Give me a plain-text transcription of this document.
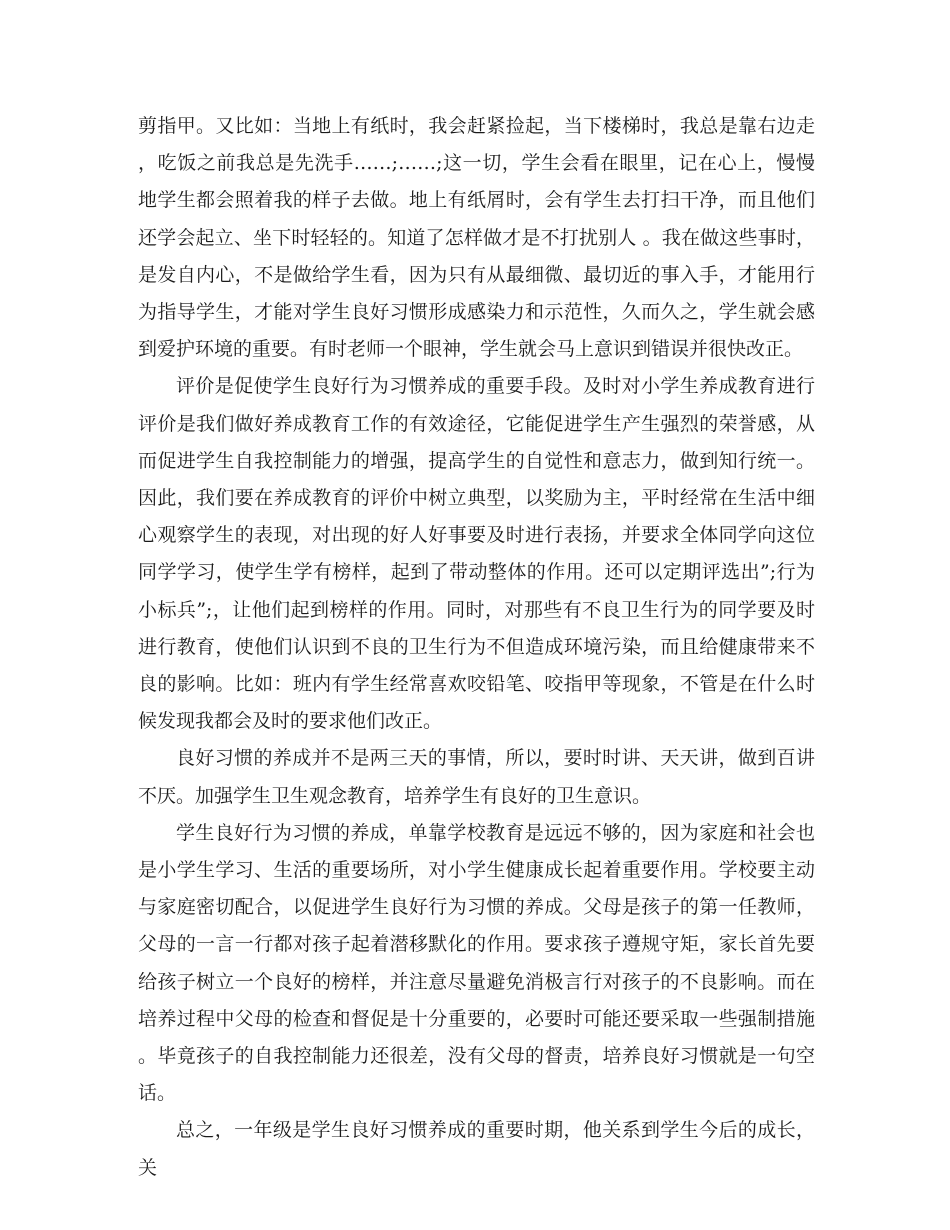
剪指甲。又比如：当地上有纸时，我会赶紧捡起，当下楼梯时，我总是靠右边走，吃饭之前我总是先洗手……;……;这一切，学生会看在眼里，记在心上，慢慢地学生都会照着我的样子去做。地上有纸屑时，会有学生去打扫干净，而且他们还学会起立、坐下时轻轻的。知道了怎样做才是不打扰别人 。我在做这些事时，是发自内心，不是做给学生看，因为只有从最细微、最切近的事入手，才能用行为指导学生，才能对学生良好习惯形成感染力和示范性，久而久之，学生就会感到爱护环境的重要。有时老师一个眼神，学生就会马上意识到错误并很快改正。

评价是促使学生良好行为习惯养成的重要手段。及时对小学生养成教育进行评价是我们做好养成教育工作的有效途径，它能促进学生产生强烈的荣誉感，从而促进学生自我控制能力的增强，提高学生的自觉性和意志力，做到知行统一。因此，我们要在养成教育的评价中树立典型，以奖励为主，平时经常在生活中细心观察学生的表现，对出现的好人好事要及时进行表扬，并要求全体同学向这位同学学习，使学生学有榜样，起到了带动整体的作用。还可以定期评选出”;行为小标兵”;，让他们起到榜样的作用。同时，对那些有不良卫生行为的同学要及时进行教育，使他们认识到不良的卫生行为不但造成环境污染，而且给健康带来不良的影响。比如：班内有学生经常喜欢咬铅笔、咬指甲等现象，不管是在什么时候发现我都会及时的要求他们改正。

良好习惯的养成并不是两三天的事情，所以，要时时讲、天天讲，做到百讲不厌。加强学生卫生观念教育，培养学生有良好的卫生意识。

学生良好行为习惯的养成，单靠学校教育是远远不够的，因为家庭和社会也是小学生学习、生活的重要场所，对小学生健康成长起着重要作用。学校要主动与家庭密切配合，以促进学生良好行为习惯的养成。父母是孩子的第一任教师，父母的一言一行都对孩子起着潜移默化的作用。要求孩子遵规守矩，家长首先要给孩子树立一个良好的榜样，并注意尽量避免消极言行对孩子的不良影响。而在培养过程中父母的检查和督促是十分重要的，必要时可能还要采取一些强制措施。毕竟孩子的自我控制能力还很差，没有父母的督责，培养良好习惯就是一句空话。

总之，一年级是学生良好习惯养成的重要时期，他关系到学生今后的成长，关
